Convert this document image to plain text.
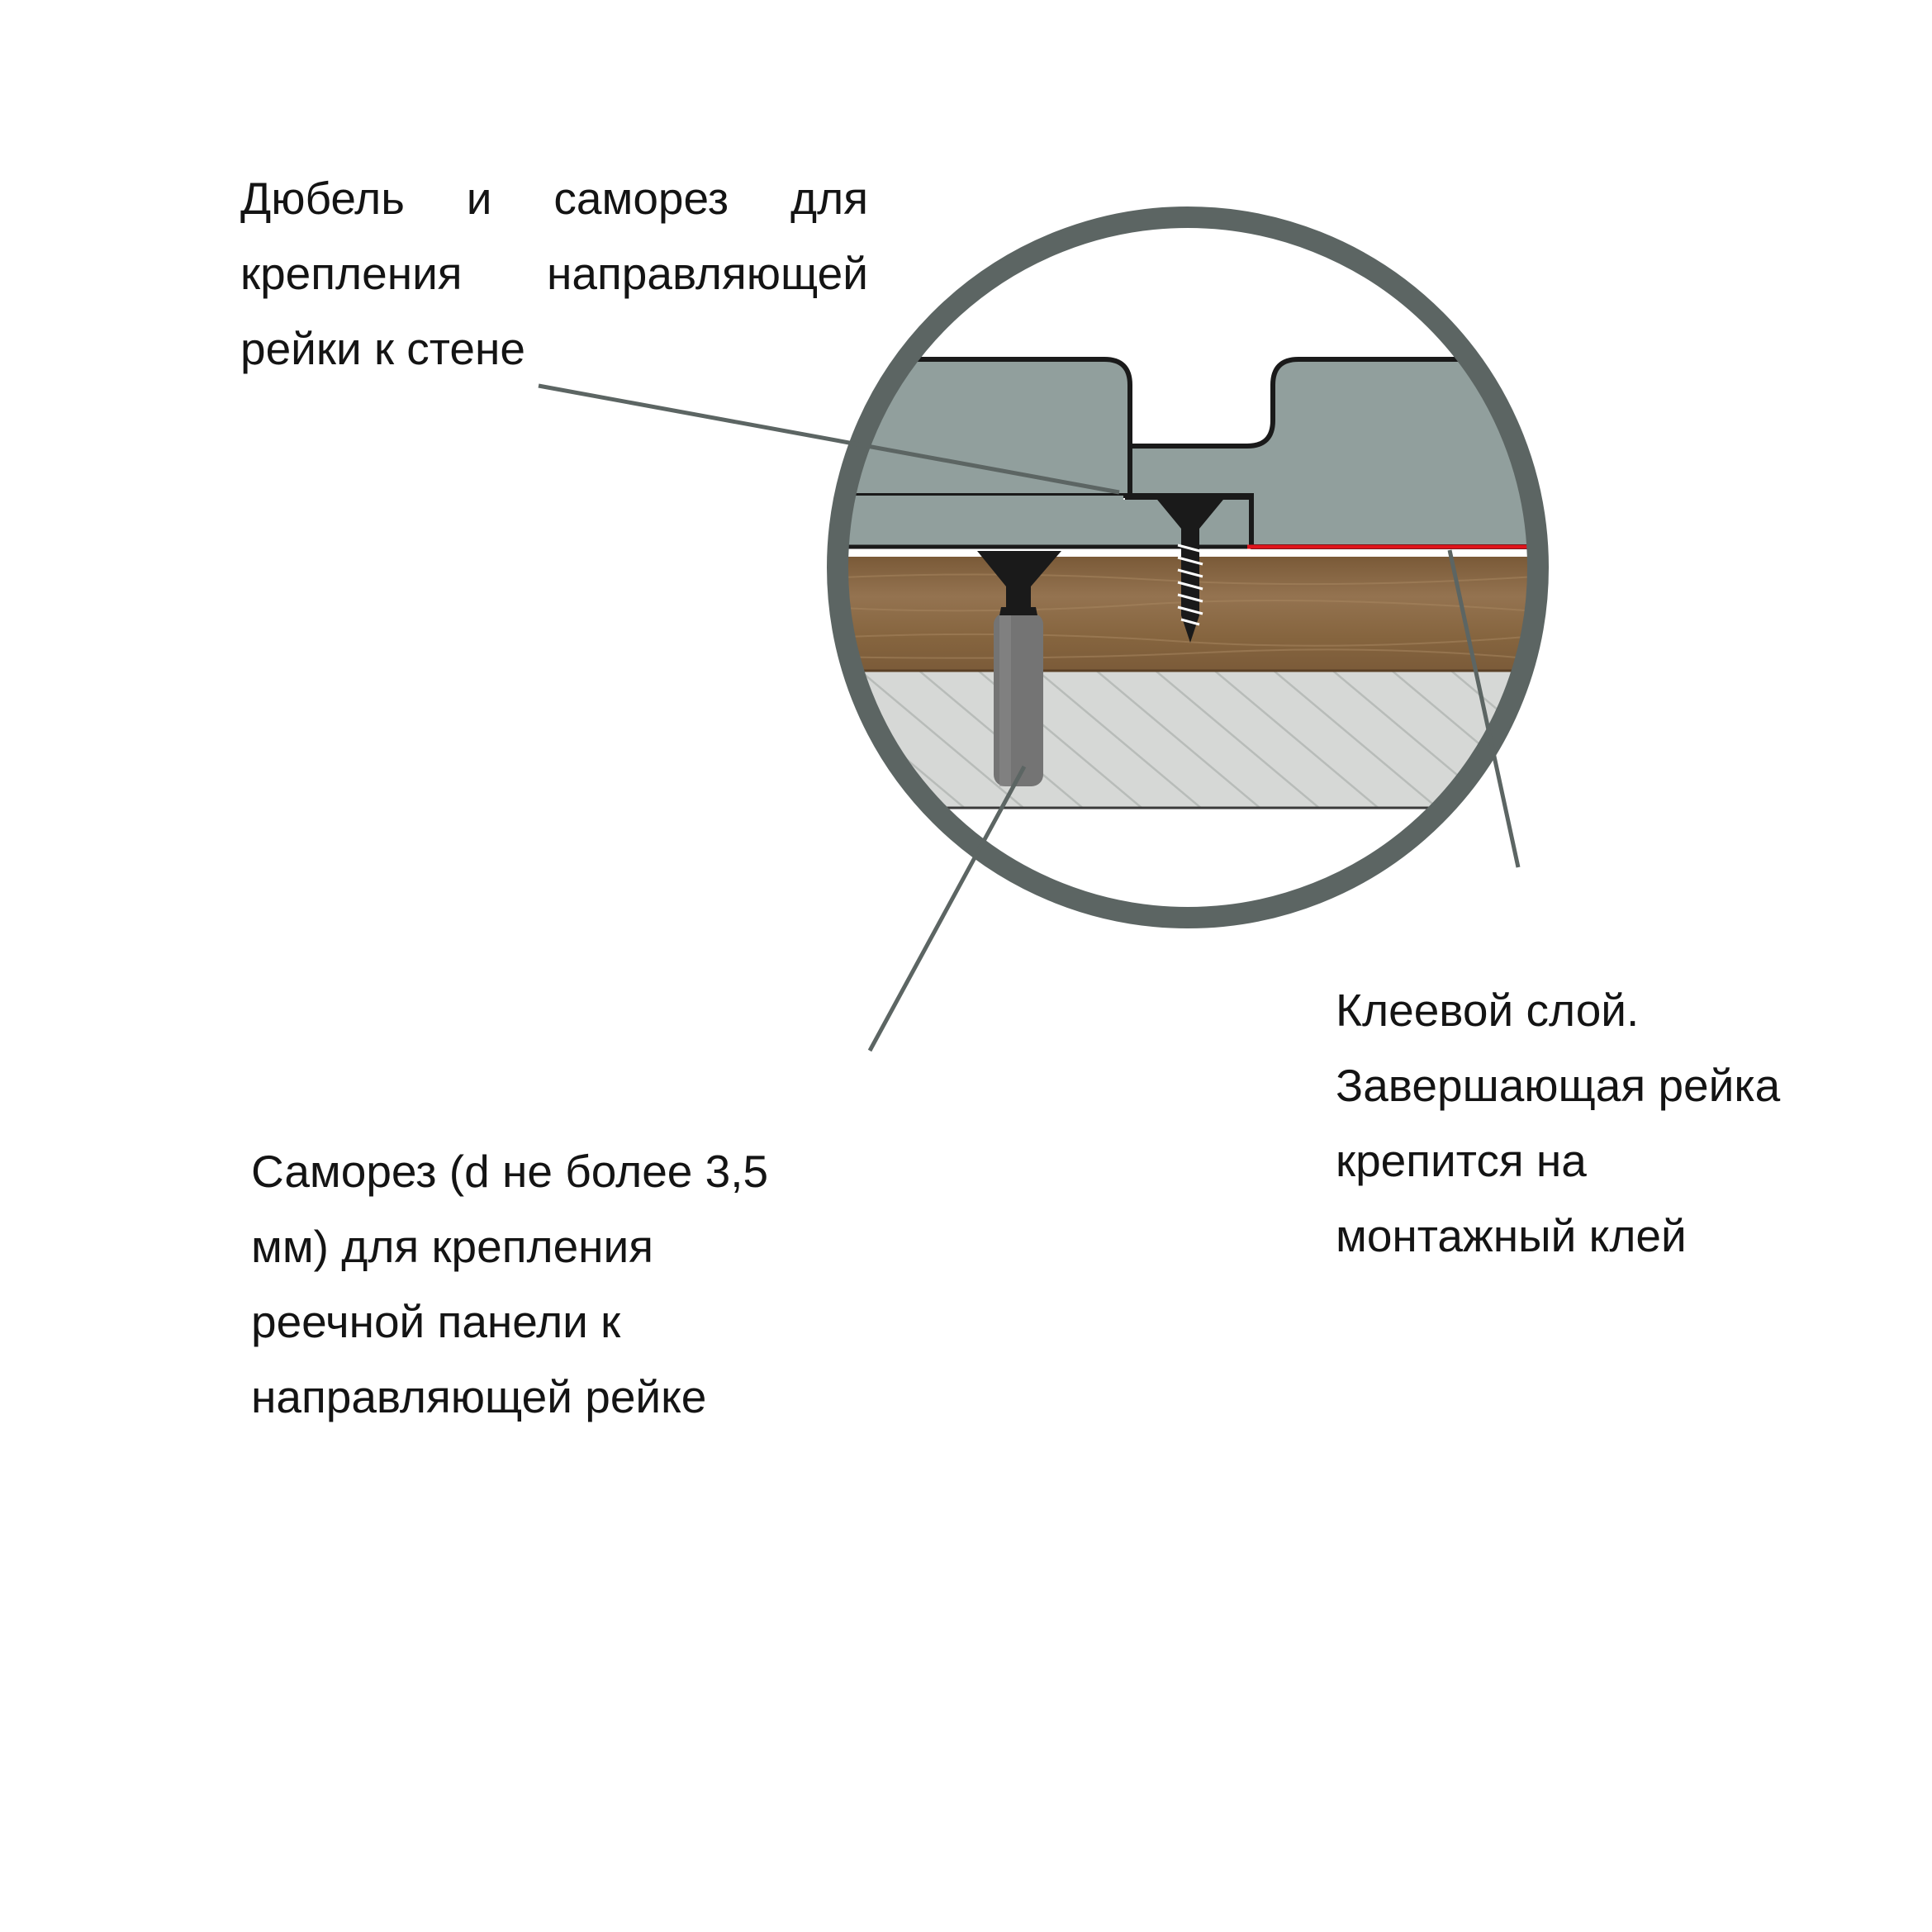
Дюбель и саморез для
крепления направляющей
рейки к стене
Саморез (d не более 3,5
мм) для крепления
реечной панели к
направляющей рейке
Клеевой слой.
Завершающая рейка
крепится на
монтажный клей
